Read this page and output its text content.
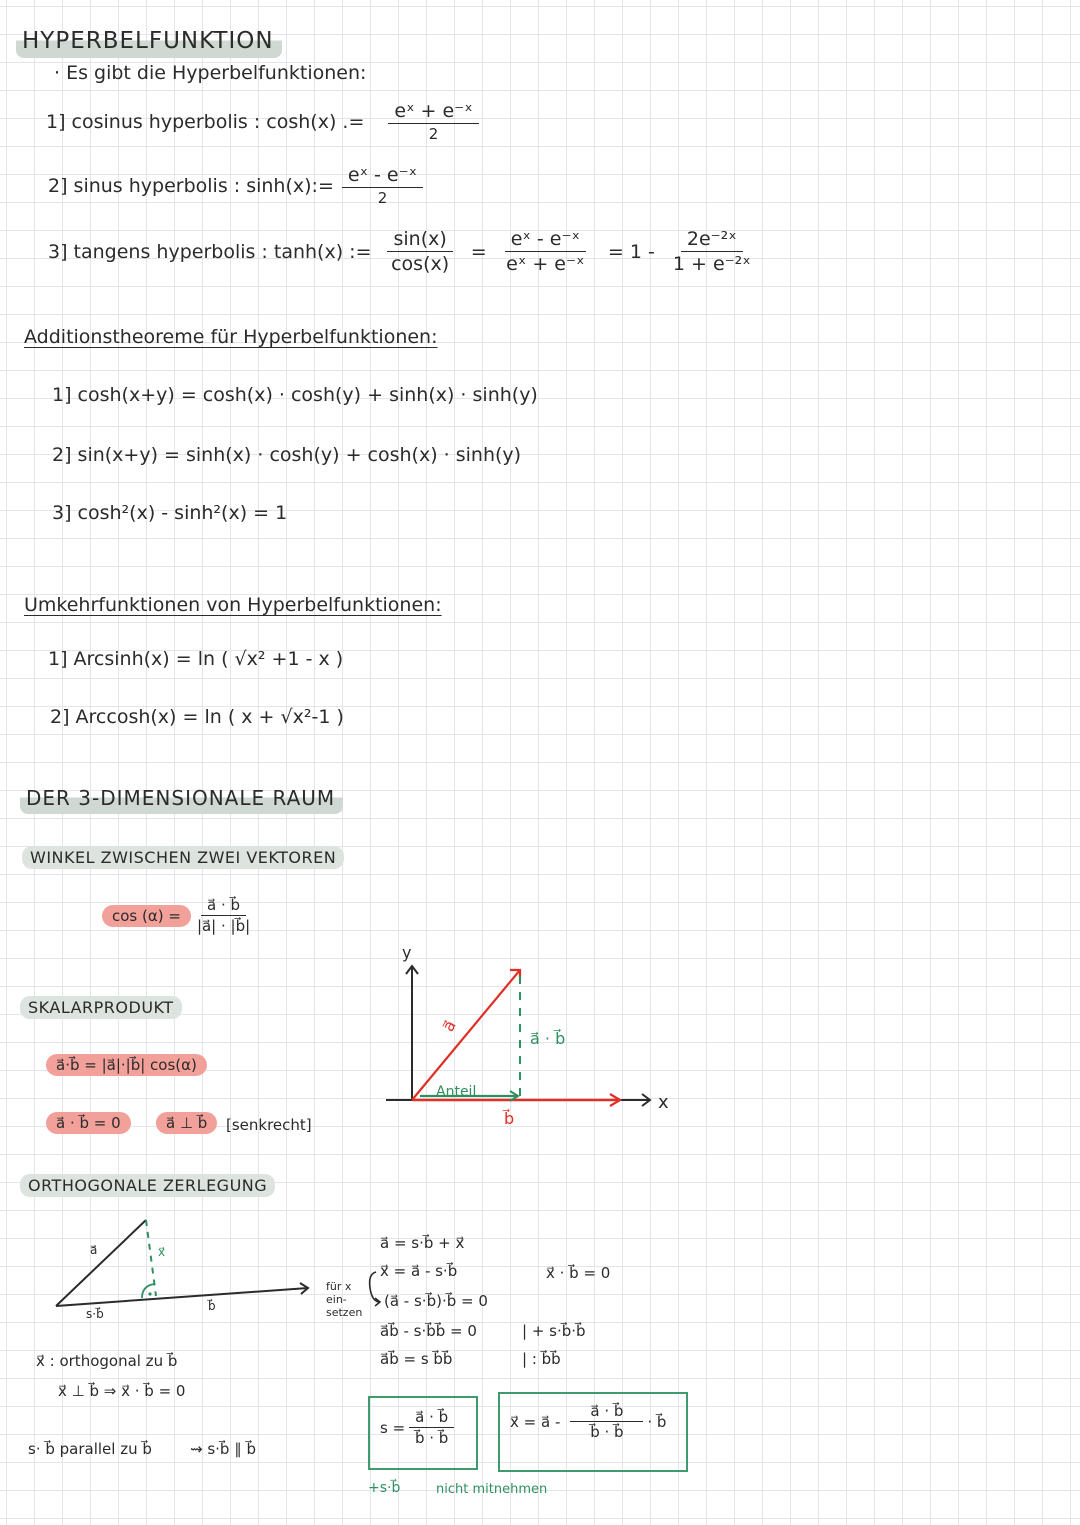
HYPERBELFUNKTION
· Es gibt die Hyperbelfunktionen:
1] cosinus hyperbolis : cosh(x) .= $\frac{\text{eˣ + e⁻ˣ}}{2}$
2] sinus hyperbolis : sinh(x):= $\frac{\text{eˣ - e⁻ˣ}}{2}$
3] tangens hyperbolis : tanh(x) := $\frac{\sin(x)}{\cos(x)} = \frac{\text{eˣ - e⁻ˣ}}{\text{eˣ + e⁻ˣ}} = 1 - \frac{\text{2e⁻²ˣ}}{\text{1 + e⁻²ˣ}}$
Additionstheoreme für Hyperbelfunktionen:
1] cosh(x+y) = cosh(x) · cosh(y) + sinh(x) · sinh(y)
2] sin(x+y) = sinh(x) · cosh(y) + cosh(x) · sinh(y)
3] cosh²(x) - sinh²(x) = 1
Umkehrfunktionen von Hyperbelfunktionen:
1] Arcsinh(x) = ln ( √x² +1 - x )
2] Arccosh(x) = ln ( x + √x²-1 )
DER 3-DIMENSIONALE RAUM
WINKEL ZWISCHEN ZWEI VEKTOREN
cos (α) =	$\frac{a⃗ \cdot b⃗}{|a⃗| \cdot |b⃗|}$
SKALARPRODUKT
a⃗·b⃗ = |a⃗|·|b⃗| cos(α)
a⃗ · b⃗ = 0	a⃗ ⊥ b⃗	[senkrecht]
y
x
a⃗
b⃗
a⃗ · b⃗
Anteil
ORTHOGONALE ZERLEGUNG
a⃗	x⃗
s·b⃗
b⃗
x⃗ : orthogonal zu b⃗
x⃗ ⊥ b⃗ ⇒ x⃗ · b⃗ = 0
s· b⃗ parallel zu b⃗	⇝ s·b⃗ ∥ b⃗
für x
ein-
setzen
a⃗ = s·b⃗ + x⃗
x⃗ = a⃗ - s·b⃗
(a⃗ - s·b⃗)·b⃗ = 0
a⃗b⃗ - s·b⃗b⃗ = 0
a⃗b⃗ = s b⃗b⃗
x⃗ · b⃗ = 0
| + s·b⃗·b⃗
| : b⃗b⃗
$s = \frac{a⃗ \cdot b⃗}{b⃗ \cdot b⃗}$	x⃗ = a⃗ - $\frac{a⃗ \cdot b⃗}{b⃗ \cdot b⃗}$ · b⃗
+s·b⃗	nicht mitnehmen
